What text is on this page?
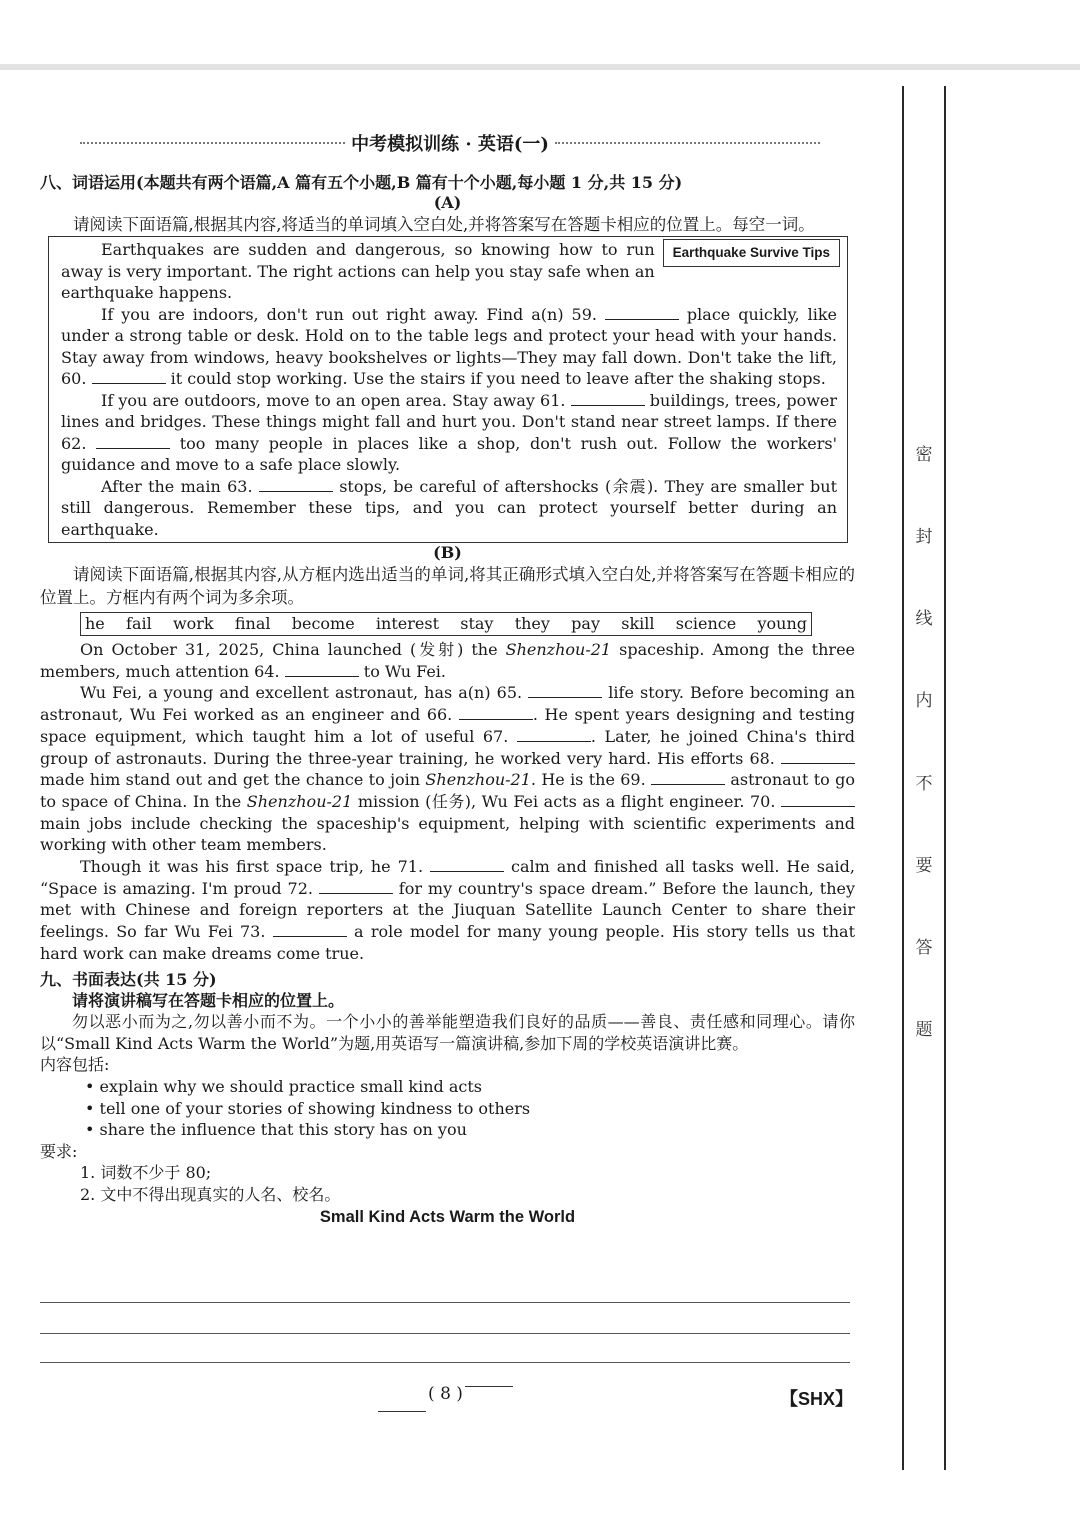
密
封
线
内
不
要
答
题
中考模拟训练 · 英语(一)
八、词语运用(本题共有两个语篇,A 篇有五个小题,B 篇有十个小题,每小题 1 分,共 15 分)
(A)
请阅读下面语篇,根据其内容,将适当的单词填入空白处,并将答案写在答题卡相应的位置上。每空一词。
Earthquake Survive Tips

Earthquakes are sudden and dangerous, so knowing how to run away is very important. The right actions can help you stay safe when an earthquake happens.

If you are indoors, don't run out right away. Find a(n) 59.	place quickly, like under a strong table or desk. Hold on to the table legs and protect your head with your hands. Stay away from windows, heavy bookshelves or lights—They may fall down. Don't take the lift, 60.	it could stop working. Use the stairs if you need to leave after the shaking stops.

If you are outdoors, move to an open area. Stay away 61.	buildings, trees, power lines and bridges. These things might fall and hurt you. Don't stand near street lamps. If there 62.	too many people in places like a shop, don't rush out. Follow the workers' guidance and move to a safe place slowly.

After the main 63.	stops, be careful of aftershocks (余震). They are smaller but still dangerous. Remember these tips, and you can protect yourself better during an earthquake.

(B)
请阅读下面语篇,根据其内容,从方框内选出适当的单词,将其正确形式填入空白处,并将答案写在答题卡相应的位置上。方框内有两个词为多余项。
he fail work final become interest stay they pay skill science young

On October 31, 2025, China launched (发射) the Shenzhou-21 spaceship. Among the three members, much attention 64.	to Wu Fei.

Wu Fei, a young and excellent astronaut, has a(n) 65.	life story. Before becoming an astronaut, Wu Fei worked as an engineer and 66.	. He spent years designing and testing space equipment, which taught him a lot of useful 67.	. Later, he joined China's third group of astronauts. During the three-year training, he worked very hard. His efforts 68.  made him stand out and get the chance to join Shenzhou-21. He is the 69.	astronaut to go to space of China. In the Shenzhou-21 mission (任务), Wu Fei acts as a flight engineer. 70.  main jobs include checking the spaceship's equipment, helping with scientific experiments and working with other team members.

Though it was his first space trip, he 71.	calm and finished all tasks well. He said, “Space is amazing. I'm proud 72.	for my country's space dream.” Before the launch, they met with Chinese and foreign reporters at the Jiuquan Satellite Launch Center to share their feelings. So far Wu Fei 73.	a role model for many young people. His story tells us that hard work can make dreams come true.

九、书面表达(共 15 分)
请将演讲稿写在答题卡相应的位置上。
勿以恶小而为之,勿以善小而不为。一个小小的善举能塑造我们良好的品质——善良、责任感和同理心。请你以“Small Kind Acts Warm the World”为题,用英语写一篇演讲稿,参加下周的学校英语演讲比赛。
内容包括:
• explain why we should practice small kind acts
• tell one of your stories of showing kindness to others
• share the influence that this story has on you
要求:
1. 词数不少于 80;
2. 文中不得出现真实的人名、校名。
Small Kind Acts Warm the World
( 8 )	【SHX】
